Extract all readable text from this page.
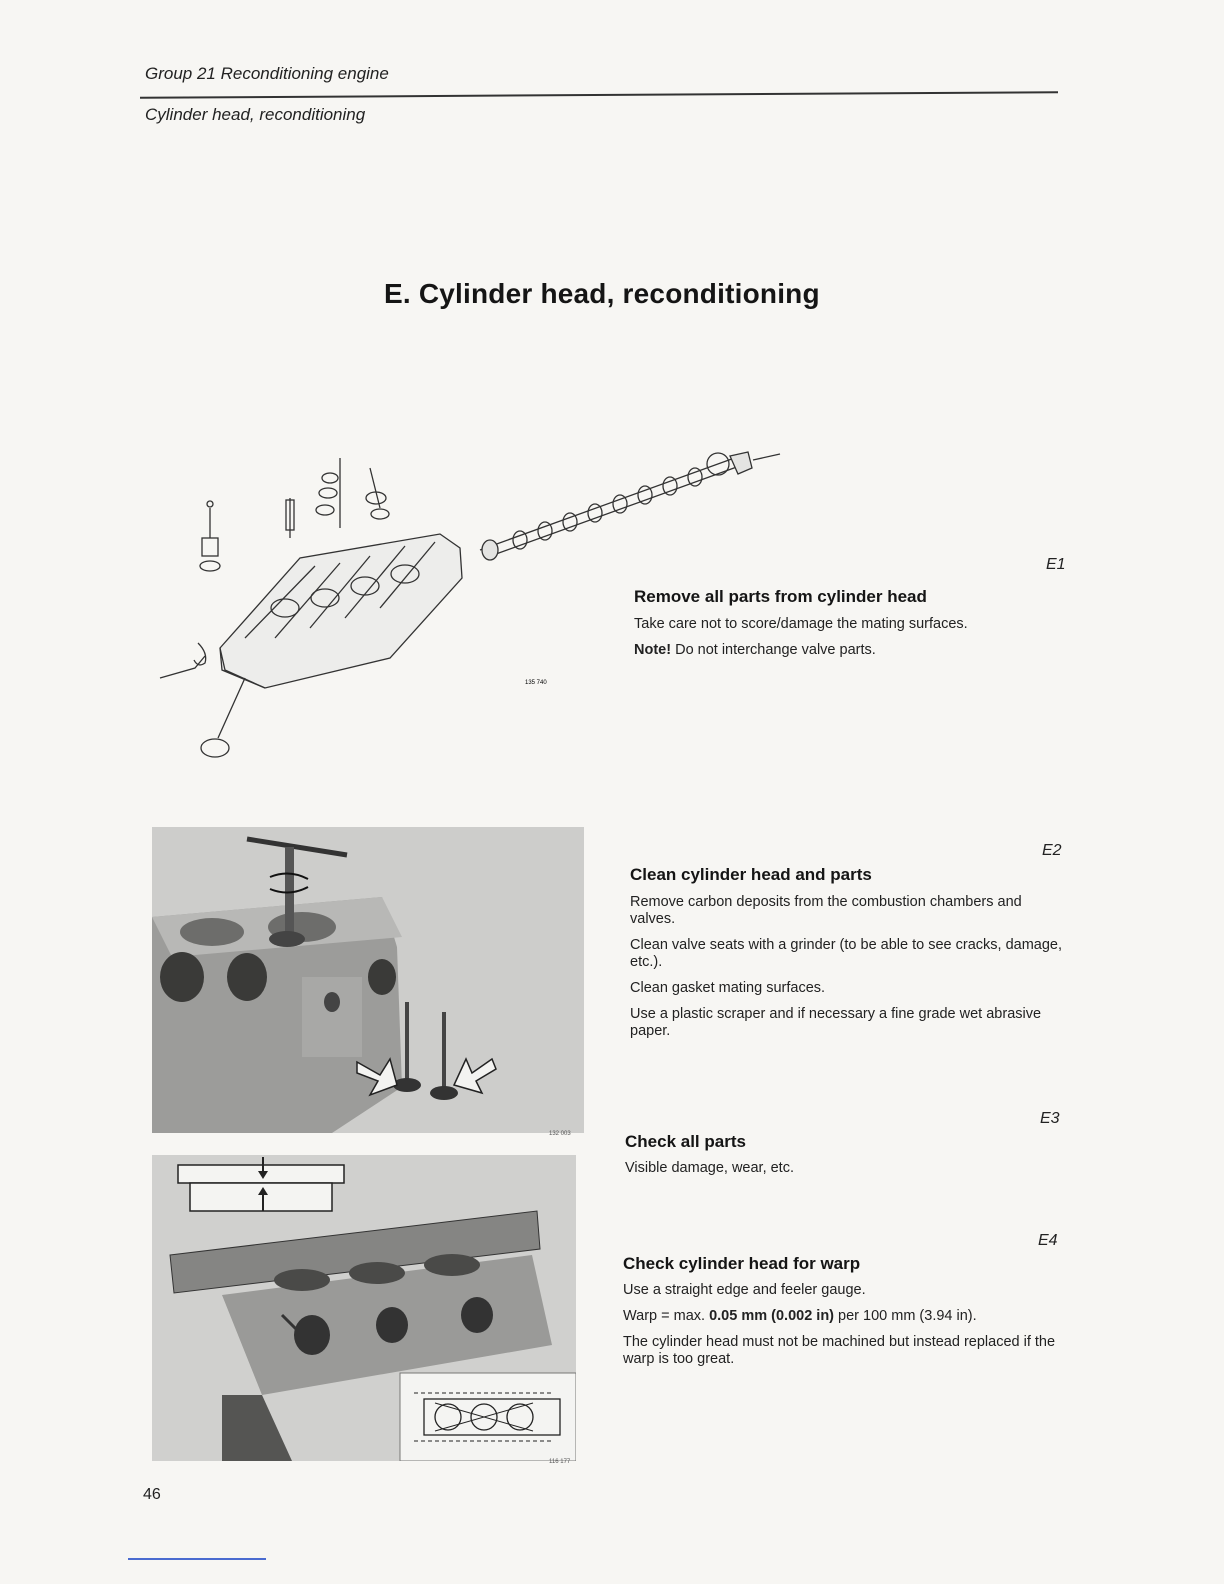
Group 21 Reconditioning engine
Cylinder head, reconditioning
E. Cylinder head, reconditioning
135 740
E1
Remove all parts from cylinder head

Take care not to score/damage the mating surfaces.

Note! Do not interchange valve parts.

132 003
E2
Clean cylinder head and parts

Remove carbon deposits from the combustion chambers and valves.

Clean valve seats with a grinder (to be able to see cracks, damage, etc.).

Clean gasket mating surfaces.

Use a plastic scraper and if necessary a fine grade wet abrasive paper.

E3
Check all parts

Visible damage, wear, etc.

116 177
E4
Check cylinder head for warp

Use a straight edge and feeler gauge.

Warp = max. 0.05 mm (0.002 in) per 100 mm (3.94 in).

The cylinder head must not be machined but instead replaced if the warp is too great.

46
